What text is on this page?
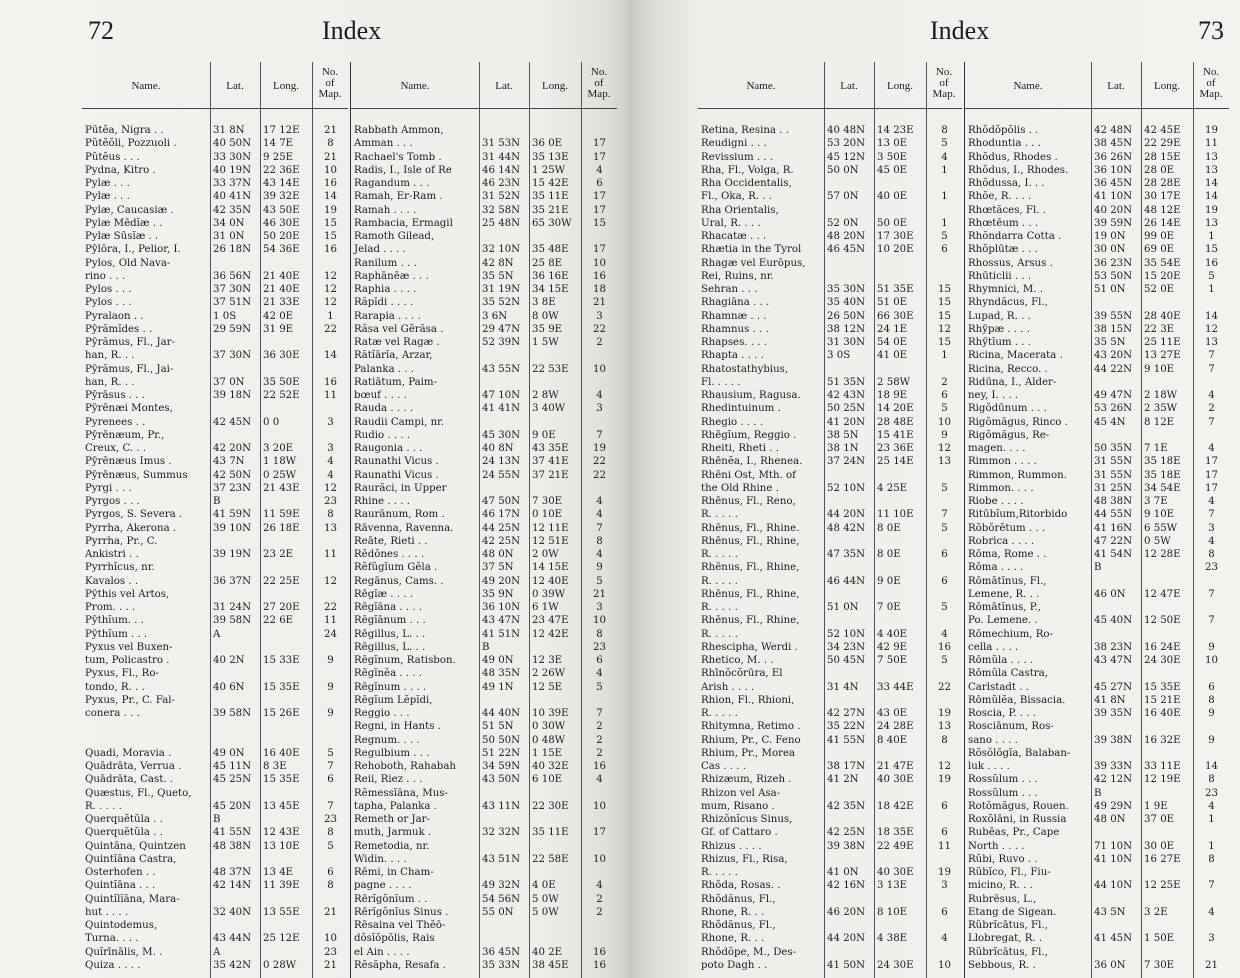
72	Index
Name.	Lat.	Long.
No.
of
Map.
Pūtĕa, Nigra . .	31 8N	17 12E	21
Pŭtĕŏli, Pozzuoli .	40 50N	14 7E	8
Pŭtĕus . . .	33 30N	9 25E	21
Pydna, Kitro .	40 19N	22 36E	10
Pylæ . . .	33 37N	43 14E	16
Pylæ . . .	40 41N	39 32E	14
Pylæ, Caucasiæ .	42 35N	43 50E	19
Pylæ Mēdĭæ . .	34 0N	46 30E	15
Pylæ Sūsĭæ . .	31 0N	50 20E	15
Pȳlōra, I., Pelior, I.	26 18N	54 36E	16
Pylos, Old Nava-
rino . . .	36 56N	21 40E	12
Pylos . . .	37 30N	21 40E	12
Pylos . . .	37 51N	21 33E	12
Pyralaon . .	1 0S	42 0E	1
Pȳrămĭdes . .	29 59N	31 9E	22
Pȳrămus, Fl., Jar-
han, R. . .	37 30N	36 30E	14
Pȳrămus, Fl., Jai-
han, R. . .	37 0N	35 50E	16
Pȳrāsus . . .	39 18N	22 52E	11
Pȳrēnæi Montes,
Pyrenees . .	42 45N	0 0	3
Pȳrēnæum, Pr.,
Creux, C. . .	42 20N	3 20E	3
Pȳrēnæus Imus .	43 7N	1 18W	4
Pȳrēnæus, Summus	42 50N	0 25W	4
Pyrgi . . .	37 23N	21 43E	12
Pyrgos . . .	B	23
Pyrgos, S. Severa .	41 59N	11 59E	8
Pyrrha, Akerona .	39 10N	26 18E	13
Pyrrha, Pr., C.
Ankistri . .	39 19N	23 2E	11
Pyrrhĭcus, nr.
Kavalos . .	36 37N	22 25E	12
Pȳthis vel Artos,
Prom. . . .	31 24N	27 20E	22
Pȳthĭum. . .	39 58N	22 6E	11
Pȳthĭum . . .	A	24
Pyxus vel Buxen-
tum, Policastro .	40 2N	15 33E	9
Pyxus, Fl., Ro-
tondo, R. . .	40 6N	15 35E	9
Pyxus, Pr., C. Fal-
conera . . .	39 58N	15 26E	9
Quadi, Moravia .	49 0N	16 40E	5
Quādrāta, Verrua .	45 11N	8 3E	7
Quādrāta, Cast. .	45 25N	15 35E	6
Quæstus, Fl., Queto,
R. . . . .	45 20N	13 45E	7
Querquĕtŭla . .	B	23
Querquĕtŭla . .	41 55N	12 43E	8
Quintāna, Quintzen	48 38N	13 10E	5
Quintĭāna Castra,
Osterhofen . .	48 37N	13 4E	6
Quintĭāna . . .	42 14N	11 39E	8
Quintĭlĭāna, Mara-
hut . . . .	32 40N	13 55E	21
Quintodemus,
Turna. . . .	43 44N	25 12E	10
Quĭrīnālis, M. .	A	23
Quiza . . . .	35 42N	0 28W	21
Name.	Lat.	Long.
No.
of
Map.
Rabbath Ammon,
Amman . . .	31 53N	36 0E	17
Rachael's Tomb .	31 44N	35 13E	17
Radis, I., Isle of Re	46 14N	1 25W	4
Ragandum . . .	46 23N	15 42E	6
Ramah, Er-Ram .	31 52N	35 11E	17
Ramah . . . .	32 58N	35 21E	17
Rambacia, Ermagil	25 48N	65 30W	15
Ramoth Gilead,
Jelad . . . .	32 10N	35 48E	17
Ranilum . . .	42 8N	25 8E	10
Raphānēæ . . .	35 5N	36 16E	16
Raphia . . . .	31 19N	34 15E	18
Răpĭdi . . . .	35 52N	3 8E	21
Rarapia . . . .	3 6N	8 0W	3
Răsa vel Gĕrăsa .	29 47N	35 9E	22
Ratæ vel Ragæ .	52 39N	1 5W	2
Rătĭārĭa, Arzar,
Palanka . . .	43 55N	22 53E	10
Ratiātum, Paim-
bœuf . . . .	47 10N	2 8W	4
Rauda . . . .	41 41N	3 40W	3
Raudii Campi, nr.
Rudio . . . .	45 30N	9 0E	7
Raugonia . . .	40 8N	43 35E	19
Raunathi Vicus .	24 13N	37 41E	22
Raunathi Vicus .	24 55N	37 21E	22
Raurăci, in Upper
Rhine . . . .	47 50N	7 30E	4
Raurānum, Rom .	46 17N	0 10E	4
Rāvenna, Ravenna.	44 25N	12 11E	7
Reāte, Rieti . .	42 25N	12 51E	8
Rĕdŏnes . . . .	48 0N	2 0W	4
Rĕfŭgĭum Gĕla .	37 5N	14 15E	9
Regānus, Cams. .	49 20N	12 40E	5
Rēgĭæ . . . .	35 9N	0 39W	21
Rēgĭāna . . . .	36 10N	6 1W	3
Rēgĭānum . . .	43 47N	23 47E	10
Rēgillus, L. . .	41 51N	12 42E	8
Rēgillus, L. . .	B	23
Rēgĭnum, Ratisbon.	49 0N	12 3E	6
Rēgĭnĕa . . . .	48 35N	2 26W	4
Rēgĭnum . . . .	49 1N	12 5E	5
Rēgĭum Lĕpĭdi,
Reggio . . .	44 40N	10 39E	7
Regni, in Hants .	51 5N	0 30W	2
Regnum. . . .	50 50N	0 48W	2
Regulbium . . .	51 22N	1 15E	2
Rehoboth, Rahabah	34 59N	40 32E	16
Reii, Riez . . .	43 50N	6 10E	4
Rĕmessĭāna, Mus-
tapha, Palanka .	43 11N	22 30E	10
Remeth or Jar-
muth, Jarmuk .	32 32N	35 11E	17
Remetodia, nr.
Widin. . . .	43 51N	22 58E	10
Rēmi, in Cham-
pagne . . . .	49 32N	4 0E	4
Rērĭgŏnĭum . .	54 56N	5 0W	2
Rērĭgŏnĭus Sinus .	55 0N	5 0W	2
Rēsaina vel Thĕō-
dŏsĭŏpŏlis, Rais
el Ain . . . .	36 45N	40 2E	16
Rĕsăpha, Resafa .	35 33N	38 45E	16
Index	73
Name.	Lat.	Long.
No.
of
Map.
Retina, Resina . .	40 48N	14 23E	8
Reudigni . . .	53 20N	13 0E	5
Revissium . . .	45 12N	3 50E	4
Rha, Fl., Volga, R.	50 0N	45 0E	1
Rha Occidentalis,
Fl., Oka, R. . .	57 0N	40 0E	1
Rha Orientalis,
Ural, R. . . .	52 0N	50 0E	1
Rhacatæ . . .	48 20N	17 30E	5
Rhætia in the Tyrol	46 45N	10 20E	6
Rhagæ vel Eurōpus,
Rei, Ruins, nr.
Sehran . . .	35 30N	51 35E	15
Rhagiāna . . .	35 40N	51 0E	15
Rhamnæ . . .	26 50N	66 30E	15
Rhamnus . . .	38 12N	24 1E	12
Rhapses. . . .	31 30N	54 0E	15
Rhapta . . . .	3 0S	41 0E	1
Rhatostathybius,
Fl. . . . .	51 35N	2 58W	2
Rhausium, Ragusa.	42 43N	18 9E	6
Rhedintuinum .	50 25N	14 20E	5
Rhegio . . . .	41 20N	28 48E	10
Rhēgĭum, Reggio .	38 5N	15 41E	9
Rheiti, Rheti . .	38 1N	23 36E	12
Rhēnĕa, I., Rhenea.	37 24N	25 14E	13
Rhēni Ost, Mth. of
the Old Rhine .	52 10N	4 25E	5
Rhēnus, Fl., Reno,
R. . . . .	44 20N	11 10E	7
Rhēnus, Fl., Rhine.	48 42N	8 0E	5
Rhēnus, Fl., Rhine,
R. . . . .	47 35N	8 0E	6
Rhēnus, Fl., Rhine,
R. . . . .	46 44N	9 0E	6
Rhēnus, Fl., Rhine,
R. . . . .	51 0N	7 0E	5
Rhēnus, Fl., Rhine,
R. . . . .	52 10N	4 40E	4
Rhescipha, Werdi .	34 23N	42 9E	16
Rhetico, M. . .	50 45N	7 50E	5
Rhīnŏcŏrūra, El
Arish . . . .	31 4N	33 44E	22
Rhion, Fl., Rhioni,
R. . . . .	42 27N	43 0E	19
Rhitymna, Retimo .	35 22N	24 28E	13
Rhium, Pr., C. Feno	41 55N	8 40E	8
Rhium, Pr., Morea
Cas . . . .	38 17N	21 47E	12
Rhizæum, Rizeh .	41 2N	40 30E	19
Rhizon vel Asa-
mum, Risano .	42 35N	18 42E	6
Rhizŏnĭcus Sinus,
Gf. of Cattaro .	42 25N	18 35E	6
Rhizus . . . .	39 38N	22 49E	11
Rhizus, Fl., Risa,
R. . . . .	41 0N	40 30E	19
Rhŏda, Rosas. .	42 16N	3 13E	3
Rhŏdănus, Fl.,
Rhone, R. . .	46 20N	8 10E	6
Rhŏdănus, Fl.,
Rhone, R. . .	44 20N	4 38E	4
Rhŏdŏpe, M., Des-
poto Dagh . .	41 50N	24 30E	10
Name.	Lat.	Long.
No.
of
Map.
Rhŏdŏpŏlis . .	42 48N	42 45E	19
Rhoduntia . . .	38 45N	22 29E	11
Rhŏdus, Rhodes .	36 26N	28 15E	13
Rhŏdus, I., Rhodes.	36 10N	28 0E	13
Rhŏdussa, I. . .	36 45N	28 28E	14
Rhŏe, R. . . .	41 10N	30 17E	14
Rhœtăces, Fl. .	40 20N	48 12E	19
Rhœtēum . . .	39 59N	26 14E	13
Rhŏndarra Cotta .	19 0N	99 0E	1
Rhŏplūtæ . . .	30 0N	69 0E	15
Rhossus, Arsus .	36 23N	35 54E	16
Rhūticlii . . .	53 50N	15 20E	5
Rhymnici, M. .	51 0N	52 0E	1
Rhyndăcus, Fl.,
Lupad, R. . .	39 55N	28 40E	14
Rhȳpæ . . . .	38 15N	22 3E	12
Rhȳtĭum . . .	35 5N	25 11E	13
Ricina, Macerata .	43 20N	13 27E	7
Ricina, Recco. .	44 22N	9 10E	7
Ridūna, I., Alder-
ney, I. . . .	49 47N	2 18W	4
Rigŏdūnum . . .	53 26N	2 35W	2
Rigŏmăgus, Rinco .	45 4N	8 12E	7
Rigŏmăgus, Re-
magen. . . .	50 35N	7 1E	4
Rimmon . . . .	31 55N	35 18E	17
Rimmon, Rummon.	31 55N	35 18E	17
Rimmon. . . .	31 25N	34 54E	17
Riobe . . . .	48 38N	3 7E	4
Ritūbĭum,Ritorbido	44 55N	9 10E	7
Rŏbŏrĕtum . . .	41 16N	6 55W	3
Robrica . . . .	47 22N	0 5W	4
Rōma, Rome . .	41 54N	12 28E	8
Rōma . . . .	B	23
Rōmātĭnus, Fl.,
Lemene, R. . .	46 0N	12 47E	7
Rōmātĭnus, P.,
Po. Lemene. .	45 40N	12 50E	7
Rōmechium, Ro-
cella . . . .	38 23N	16 24E	9
Rōmŭla . . . .	43 47N	24 30E	10
Rōmŭla Castra,
Carlstadt . .	45 27N	15 35E	6
Rōmŭlĕa, Bissacia.	41 8N	15 21E	8
Roscia, P. . . .	39 35N	16 40E	9
Rosciānum, Ros-
sano . . . .	39 38N	16 32E	9
Rŏsŏlŏgĭa, Balaban-
luk . . . .	39 33N	33 11E	14
Rossŭlum . . .	42 12N	12 19E	8
Rossŭlum . . .	B	23
Rotŏmăgus, Rouen.	49 29N	1 9E	4
Roxŏlāni, in Russia	48 0N	37 0E	1
Rubēas, Pr., Cape
North . . . .	71 10N	30 0E	1
Rŭbi, Ruvo . .	41 10N	16 27E	8
Rŭbĭco, Fl., Fiu-
micino, R. . .	44 10N	12 25E	7
Rubrēsus, L.,
Etang de Sigean.	43 5N	3 2E	4
Rŭbrĭcātus, Fl.,
Llobregat, R. .	41 45N	1 50E	3
Rŭbrĭcātus, Fl.,
Sebbous, R. .	36 0N	7 30E	21
